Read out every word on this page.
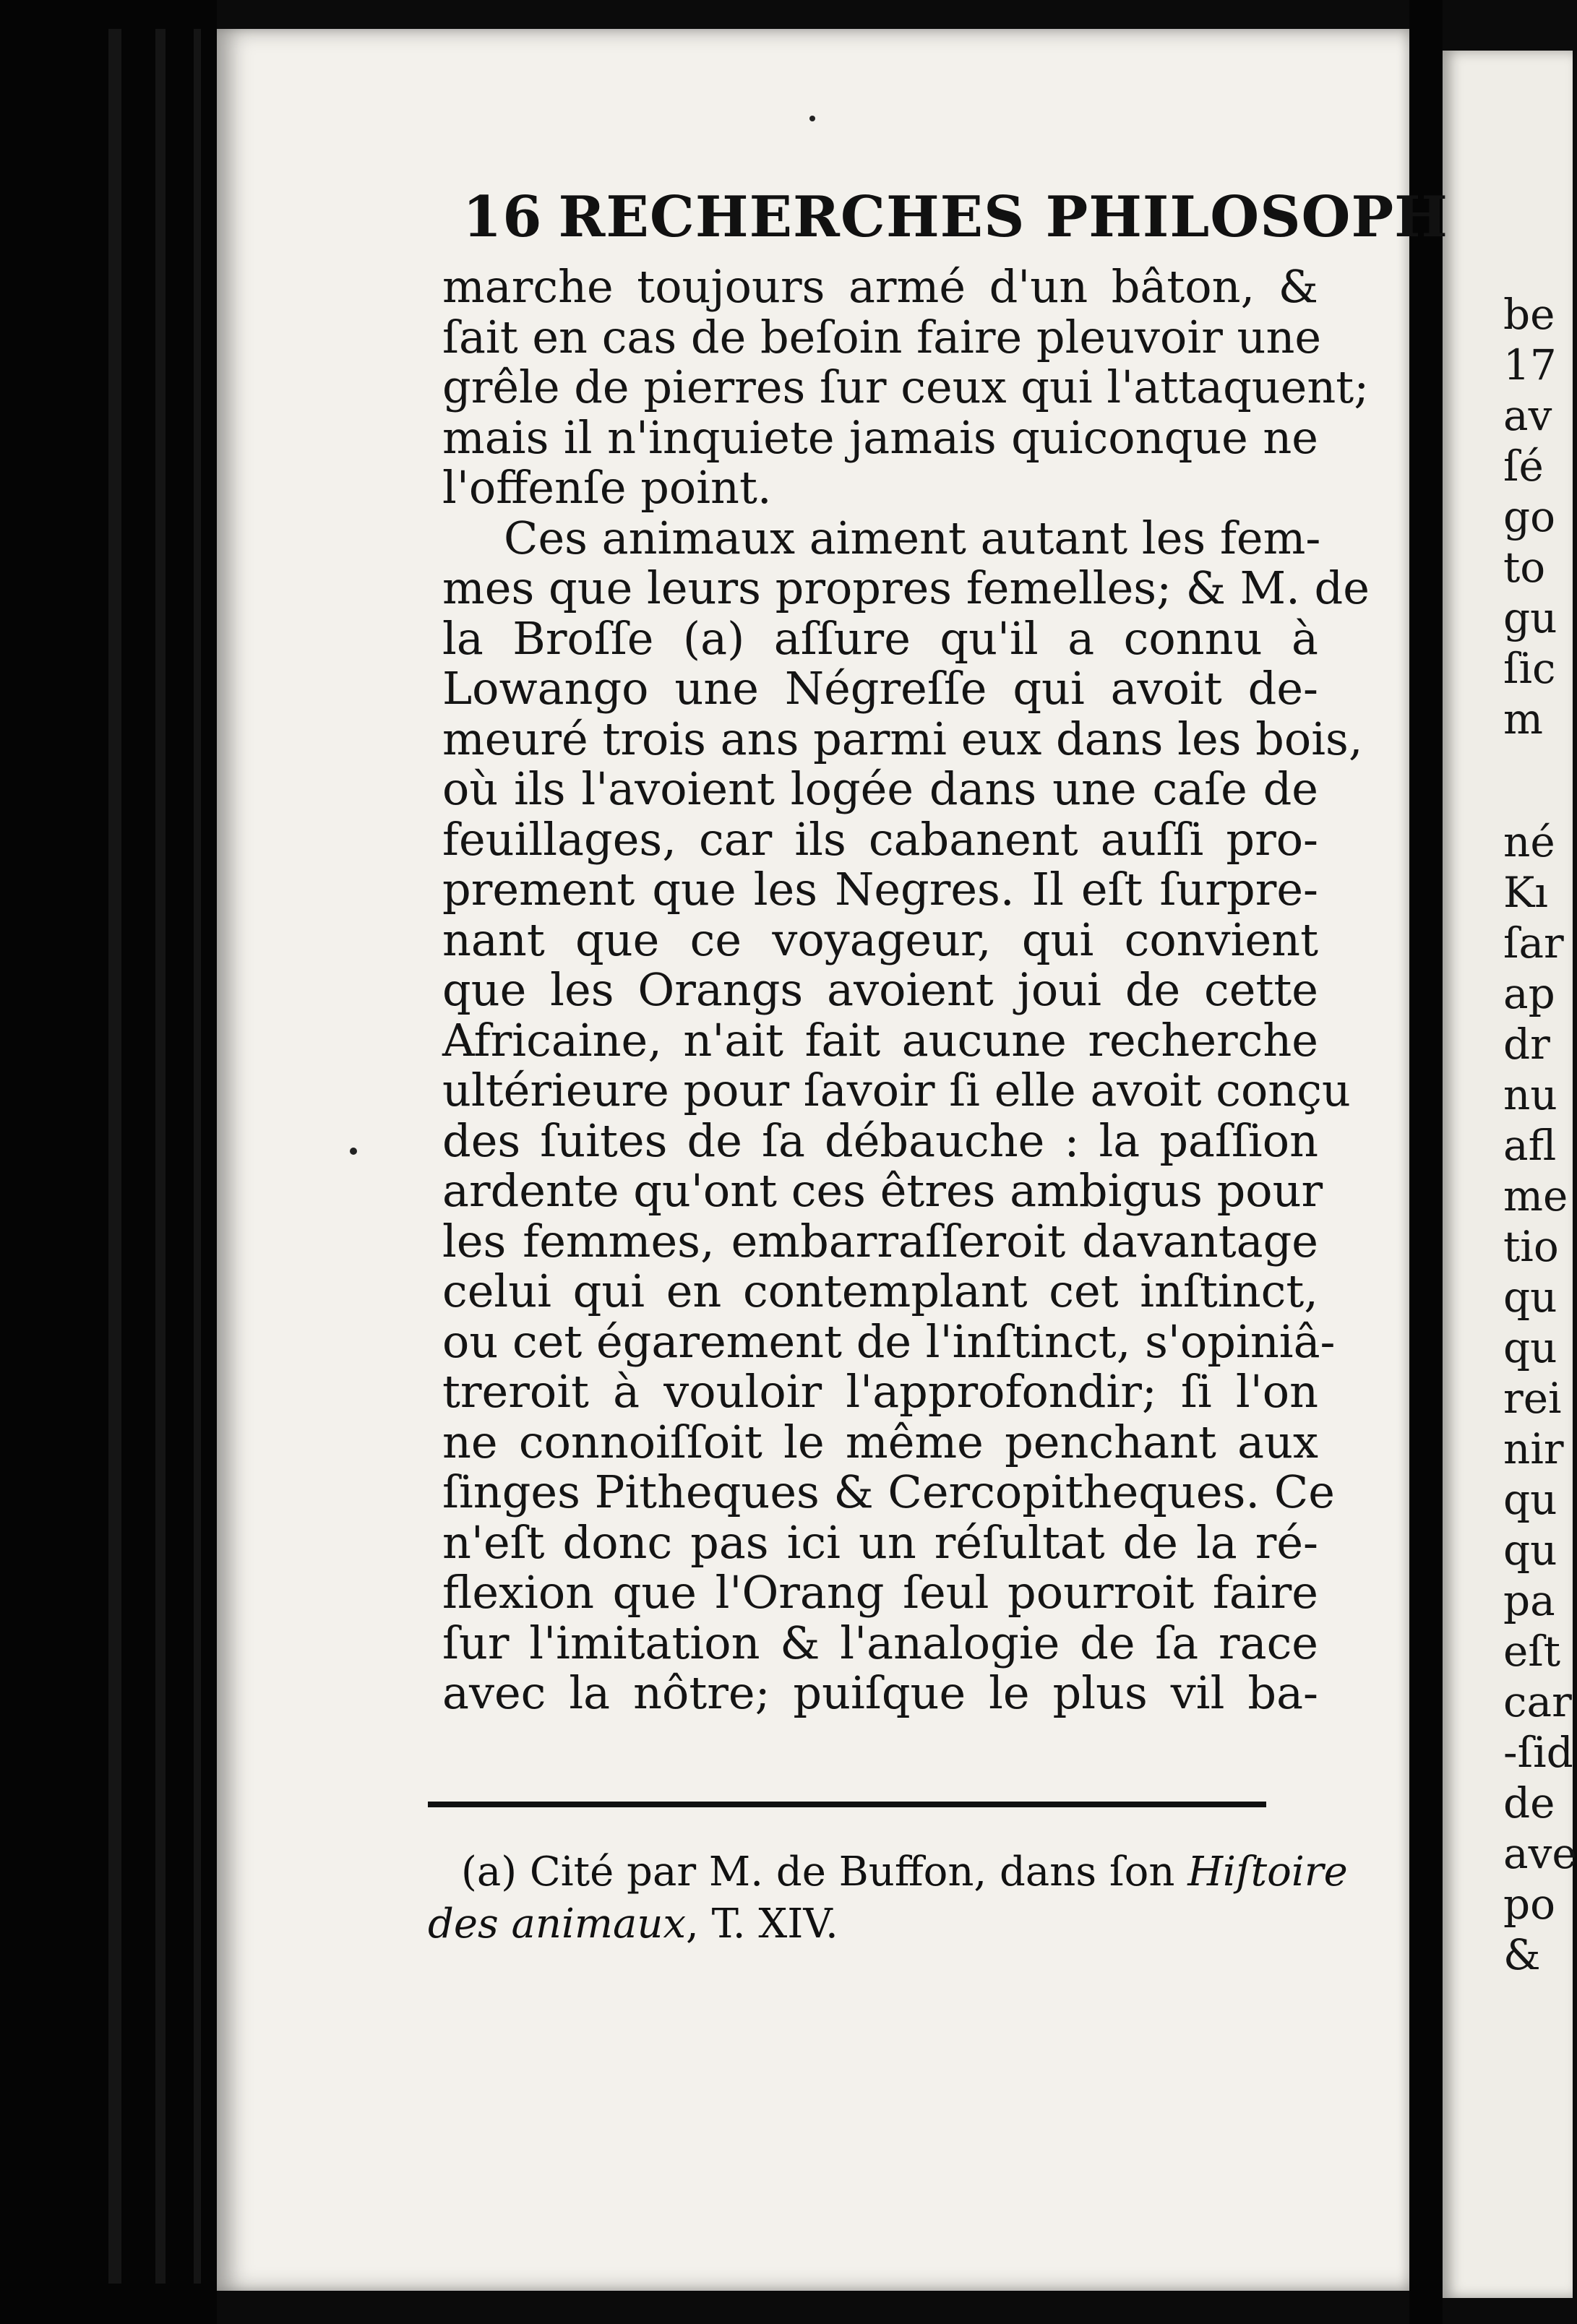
16 RECHERCHES PHILOSOPH
marche toujours armé d'un bâton, &
ſait en cas de beſoin faire pleuvoir une
grêle de pierres ſur ceux qui l'attaquent;
mais il n'inquiete jamais quiconque ne
l'offenſe point.
Ces animaux aiment autant les fem-
mes que leurs propres femelles; & M. de
la Broſſe (a) aſſure qu'il a connu à
Lowango une Négreſſe qui avoit de-
meuré trois ans parmi eux dans les bois,
où ils l'avoient logée dans une caſe de
feuillages, car ils cabanent auſſi pro-
prement que les Negres. Il eſt ſurpre-
nant que ce voyageur, qui convient
que les Orangs avoient joui de cette
Africaine, n'ait fait aucune recherche
ultérieure pour ſavoir ſi elle avoit conçu
des ſuites de ſa débauche : la paſſion
ardente qu'ont ces êtres ambigus pour
les femmes, embarraſſeroit davantage
celui qui en contemplant cet inſtinct,
ou cet égarement de l'inſtinct, s'opiniâ-
treroit à vouloir l'approfondir; ſi l'on
ne connoiſſoit le même penchant aux
ſinges Pitheques & Cercopitheques. Ce
n'eſt donc pas ici un réſultat de la ré-
flexion que l'Orang ſeul pourroit faire
ſur l'imitation & l'analogie de ſa race
avec la nôtre; puiſque le plus vil ba-
(a) Cité par M. de Buffon, dans ſon Hiſtoire
des animaux, T. XIV.
be
17
av
ſé
go
to
gu
ſic
m
né
Kı
ſar
ap
dr
nu
afl
me
tio
qu
qu
rei
nir
qu
qu
pa
eſt
car
-ſid
de
ave
po
&
